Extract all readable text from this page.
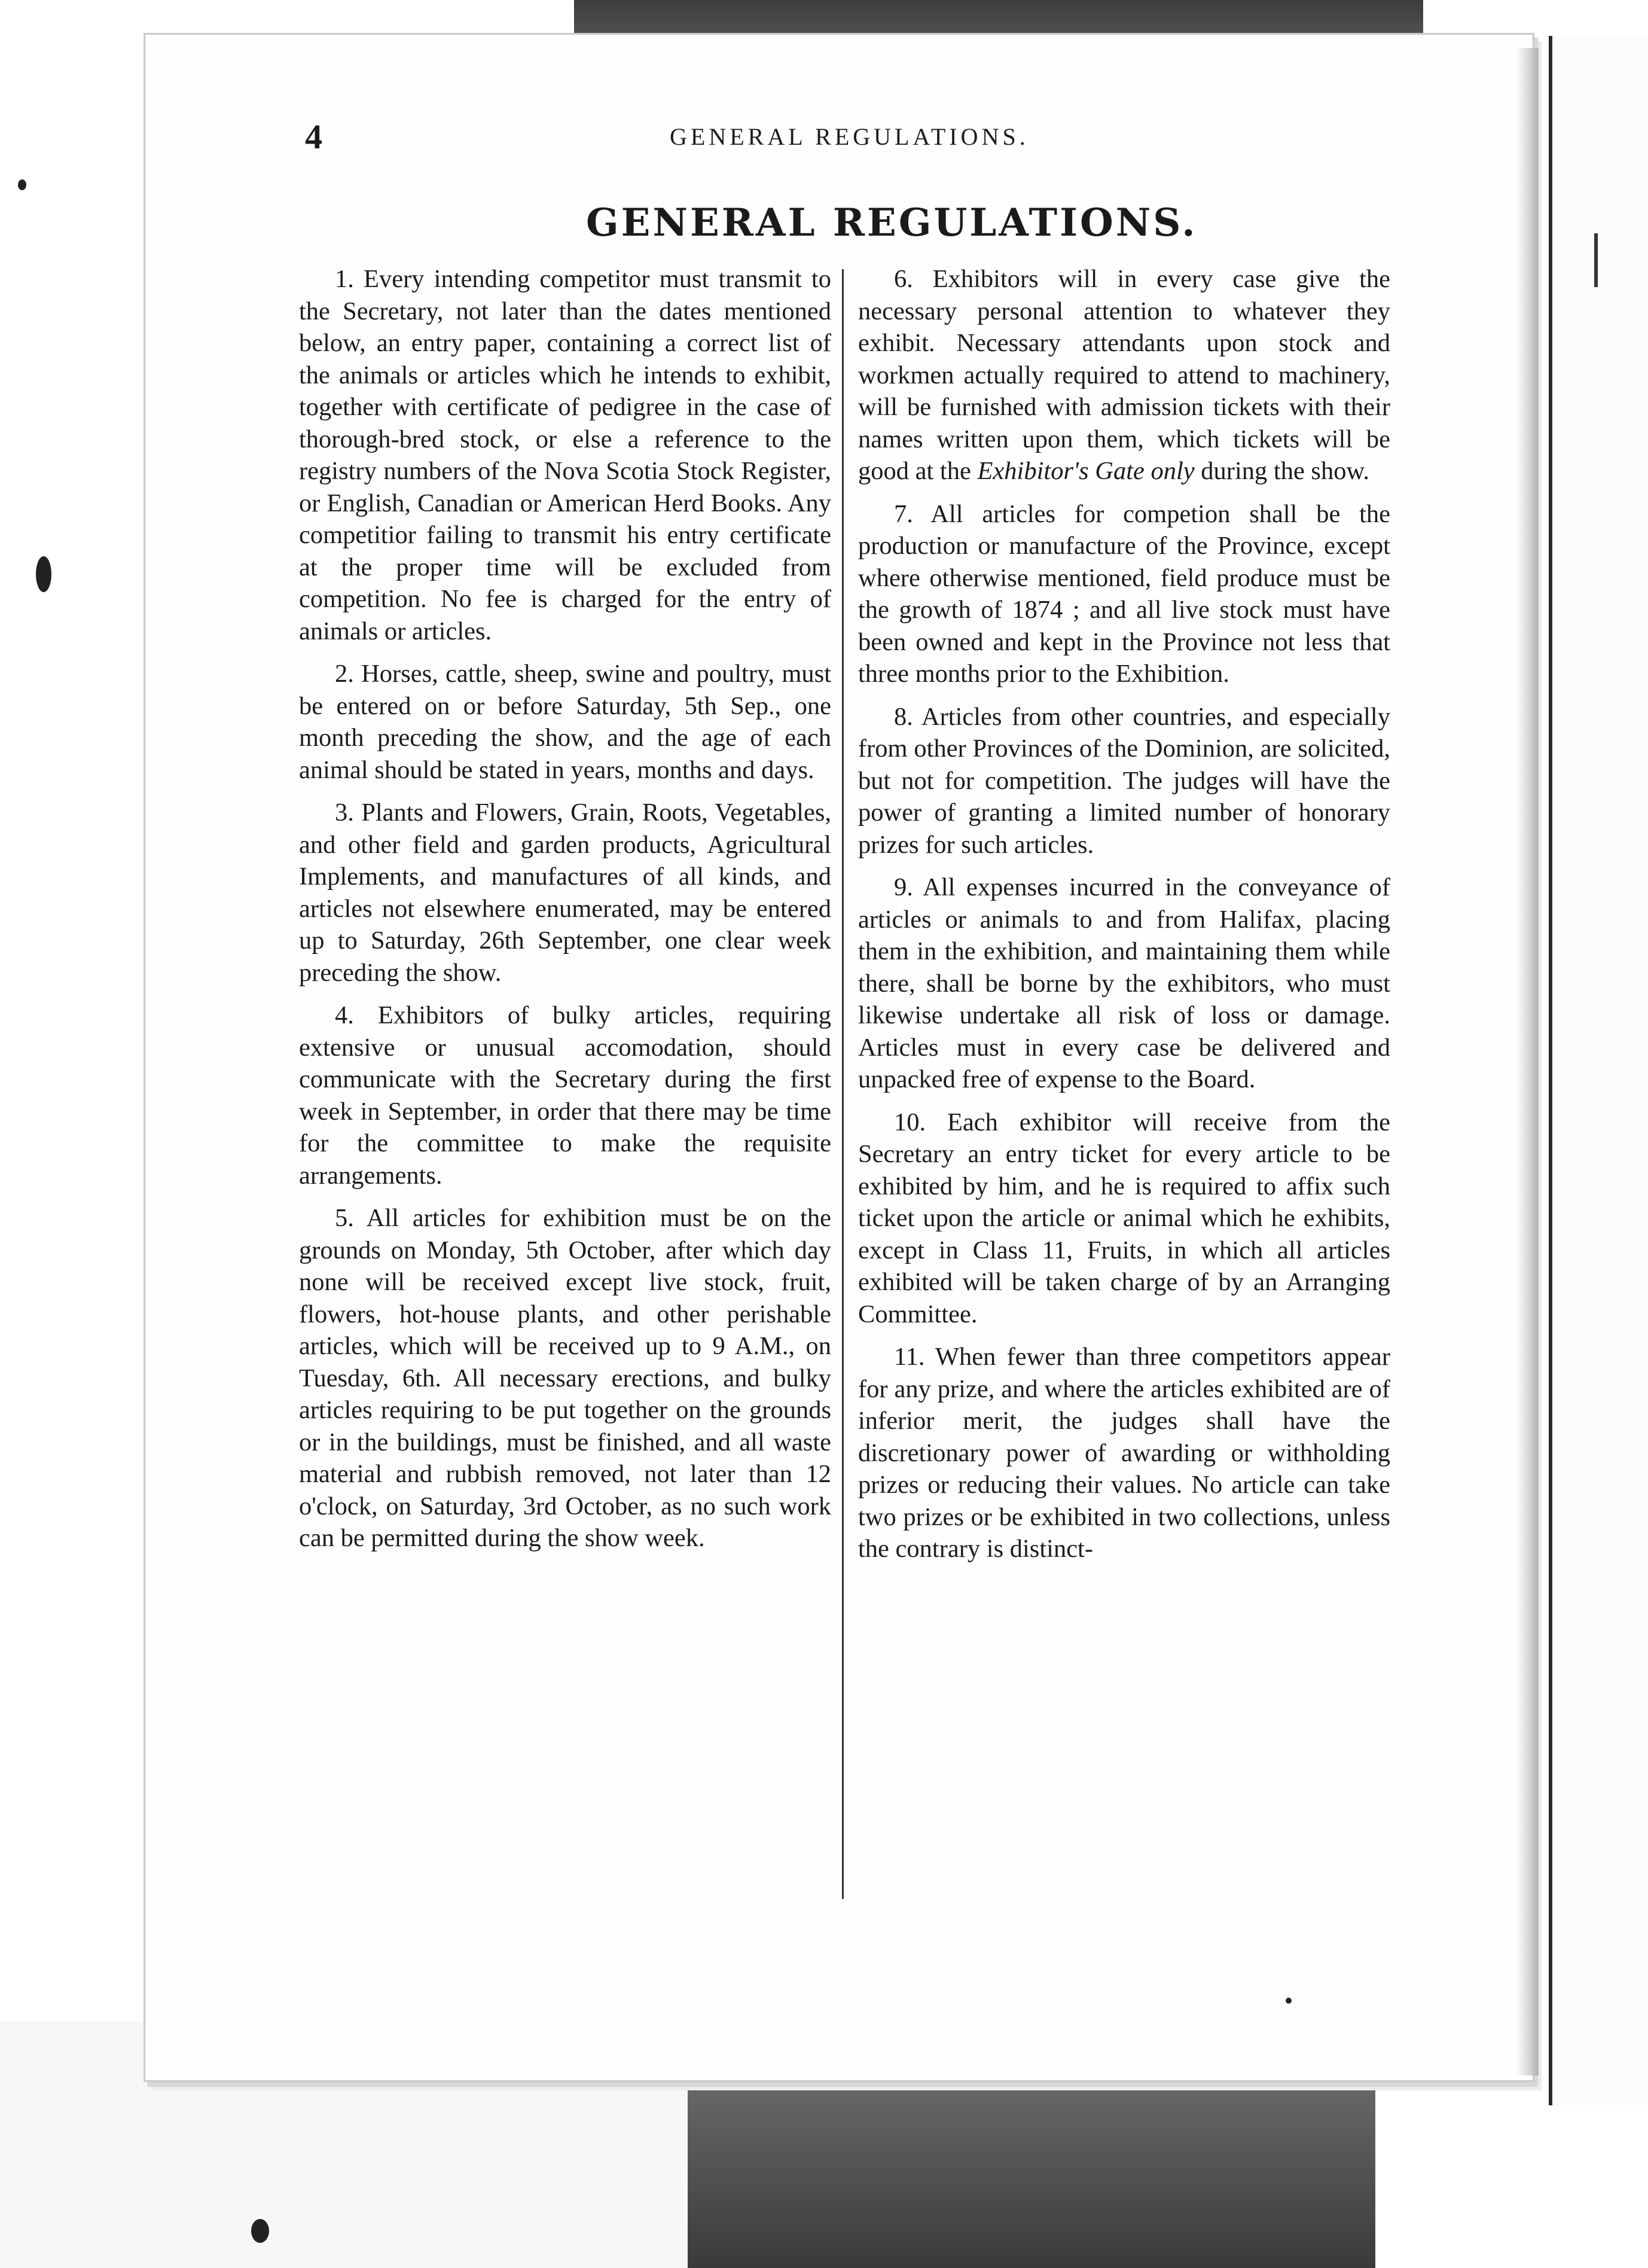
4	GENERAL REGULATIONS.
GENERAL REGULATIONS.

1. Every intending competitor must transmit to the Secretary, not later than the dates mentioned below, an entry paper, containing a correct list of the animals or articles which he intends to exhibit, together with certificate of pedigree in the case of thorough-bred stock, or else a reference to the registry numbers of the Nova Scotia Stock Register, or English, Canadian or American Herd Books. Any competitior failing to transmit his entry certificate at the proper time will be excluded from competition. No fee is charged for the entry of animals or articles.

2. Horses, cattle, sheep, swine and poultry, must be entered on or before Saturday, 5th Sep., one month preceding the show, and the age of each animal should be stated in years, months and days.

3. Plants and Flowers, Grain, Roots, Vegetables, and other field and garden products, Agricultural Implements, and manufactures of all kinds, and articles not elsewhere enumerated, may be entered up to Saturday, 26th September, one clear week preceding the show.

4. Exhibitors of bulky articles, requiring extensive or unusual accomodation, should communicate with the Secretary during the first week in September, in order that there may be time for the committee to make the requisite arrangements.

5. All articles for exhibition must be on the grounds on Monday, 5th October, after which day none will be received except live stock, fruit, flowers, hot-house plants, and other perishable articles, which will be received up to 9 A.M., on Tuesday, 6th. All necessary erections, and bulky articles requiring to be put together on the grounds or in the buildings, must be finished, and all waste material and rubbish removed, not later than 12 o'clock, on Saturday, 3rd October, as no such work can be permitted during the show week.

6. Exhibitors will in every case give the necessary personal attention to whatever they exhibit. Necessary attendants upon stock and workmen actually required to attend to machinery, will be furnished with admission tickets with their names written upon them, which tickets will be good at the Exhibitor's Gate only during the show.

7. All articles for competion shall be the production or manufacture of the Province, except where otherwise mentioned, field produce must be the growth of 1874 ; and all live stock must have been owned and kept in the Province not less that three months prior to the Exhibition.

8. Articles from other countries, and especially from other Provinces of the Dominion, are solicited, but not for competition. The judges will have the power of granting a limited number of honorary prizes for such articles.

9. All expenses incurred in the conveyance of articles or animals to and from Halifax, placing them in the exhibition, and maintaining them while there, shall be borne by the exhibitors, who must likewise undertake all risk of loss or damage. Articles must in every case be delivered and unpacked free of expense to the Board.

10. Each exhibitor will receive from the Secretary an entry ticket for every article to be exhibited by him, and he is required to affix such ticket upon the article or animal which he exhibits, except in Class 11, Fruits, in which all articles exhibited will be taken charge of by an Arranging Committee.

11. When fewer than three competitors appear for any prize, and where the articles exhibited are of inferior merit, the judges shall have the discretionary power of awarding or withholding prizes or reducing their values. No article can take two prizes or be exhibited in two collections, unless the contrary is distinct-
